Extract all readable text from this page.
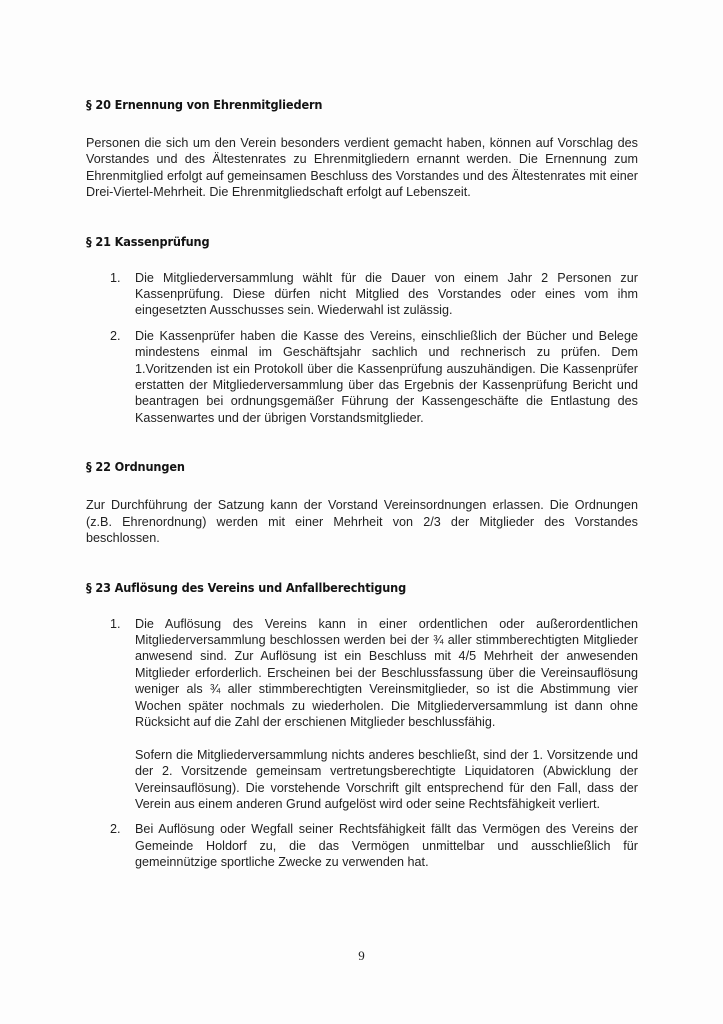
§ 20 Ernennung von Ehrenmitgliedern

Personen die sich um den Verein besonders verdient gemacht haben, können auf Vorschlag des Vorstandes und des Ältestenrates zu Ehrenmitgliedern ernannt werden. Die Ernennung zum Ehrenmitglied erfolgt auf gemeinsamen Beschluss des Vorstandes und des Ältestenrates mit einer Drei-Viertel-Mehrheit. Die Ehrenmitgliedschaft erfolgt auf Lebenszeit.

§ 21 Kassenprüfung
1.	Die Mitgliederversammlung wählt für die Dauer von einem Jahr 2 Personen zur Kassenprüfung. Diese dürfen nicht Mitglied des Vorstandes oder eines vom ihm eingesetzten Ausschusses sein. Wiederwahl ist zulässig.

2.	Die Kassenprüfer haben die Kasse des Vereins, einschließlich der Bücher und Belege mindestens einmal im Geschäftsjahr sachlich und rechnerisch zu prüfen. Dem 1.Voritzenden ist ein Protokoll über die Kassenprüfung auszuhändigen. Die Kassenprüfer erstatten der Mitgliederversammlung über das Ergebnis der Kassenprüfung Bericht und beantragen bei ordnungsgemäßer Führung der Kassengeschäfte die Entlastung des Kassenwartes und der übrigen Vorstandsmitglieder.

§ 22 Ordnungen

Zur Durchführung der Satzung kann der Vorstand Vereinsordnungen erlassen. Die Ordnungen (z.B. Ehrenordnung) werden mit einer Mehrheit von 2/3 der Mitglieder des Vorstandes beschlossen.

§ 23 Auflösung des Vereins und Anfallberechtigung
1.	Die Auflösung des Vereins kann in einer ordentlichen oder außerordentlichen Mitgliederversammlung beschlossen werden bei der ¾ aller stimmberechtigten Mitglieder anwesend sind. Zur Auflösung ist ein Beschluss mit 4/5 Mehrheit der anwesenden Mitglieder erforderlich. Erscheinen bei der Beschlussfassung über die Vereinsauflösung weniger als ¾ aller stimmberechtigten Vereinsmitglieder, so ist die Abstimmung vier Wochen später nochmals zu wiederholen. Die Mitgliederversammlung ist dann ohne Rücksicht auf die Zahl der erschienen Mitglieder beschlussfähig.

Sofern die Mitgliederversammlung nichts anderes beschließt, sind der 1. Vorsitzende und der 2. Vorsitzende gemeinsam vertretungsberechtigte Liquidatoren (Abwicklung der Vereinsauflösung). Die vorstehende Vorschrift gilt entsprechend für den Fall, dass der Verein aus einem anderen Grund aufgelöst wird oder seine Rechtsfähigkeit verliert.

2.	Bei Auflösung oder Wegfall seiner Rechtsfähigkeit fällt das Vermögen des Vereins der Gemeinde Holdorf zu, die das Vermögen unmittelbar und ausschließlich für gemeinnützige sportliche Zwecke zu verwenden hat.

9
